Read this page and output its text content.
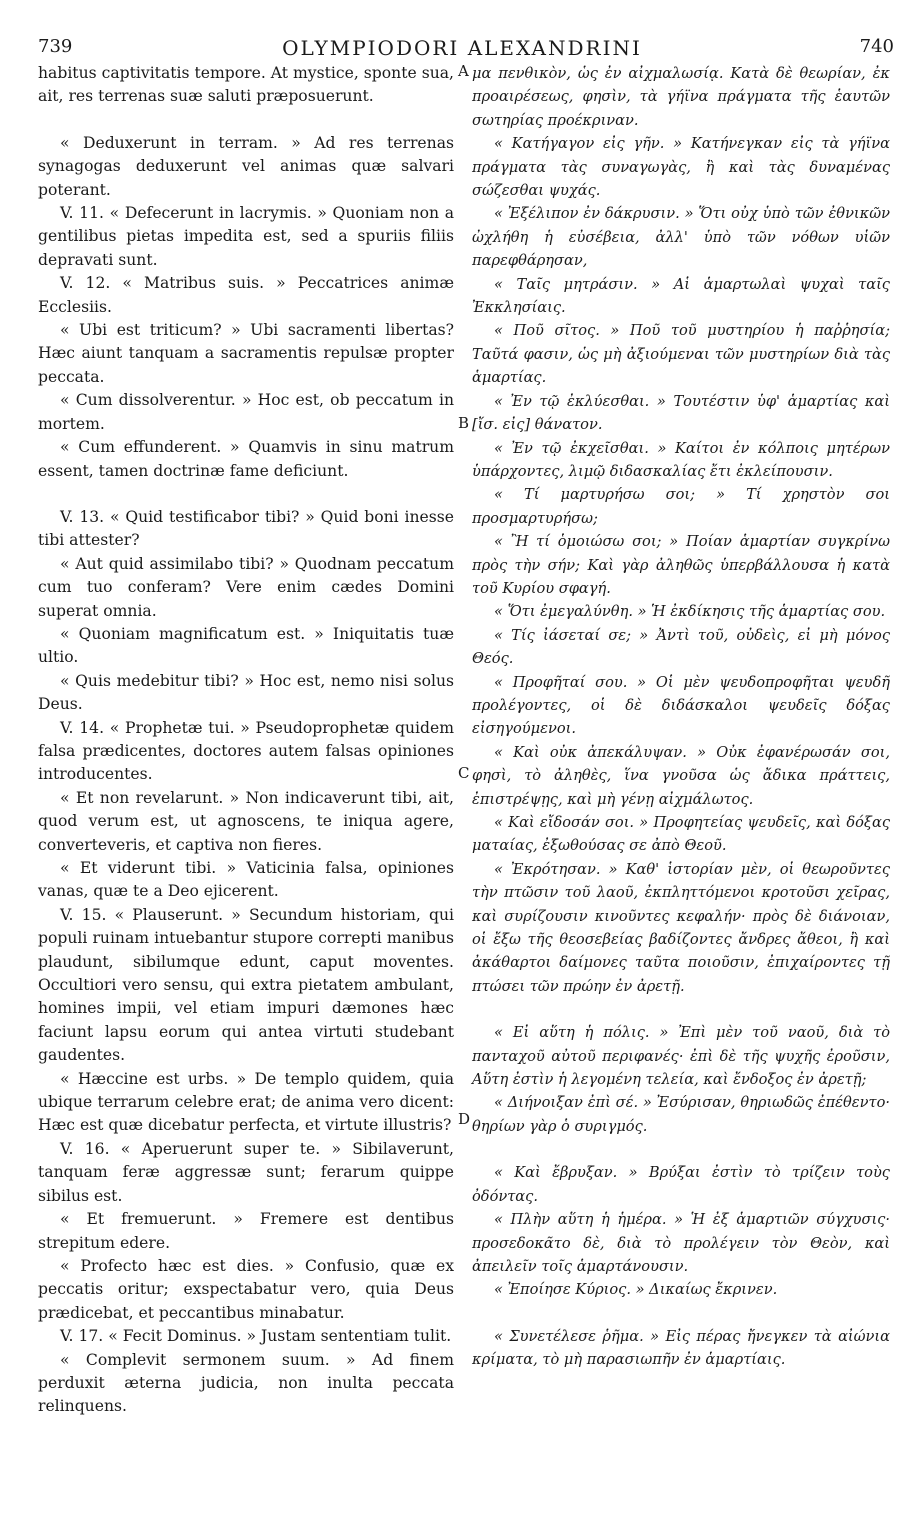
739	OLYMPIODORI ALEXANDRINI	740
A
B
C
D

habitus captivitatis tempore. At mystice, sponte sua, ait, res terrenas suæ saluti præposuerunt.

« Deduxerunt in terram. » Ad res terrenas synagogas deduxerunt vel animas quæ salvari poterant.

V. 11. « Defecerunt in lacrymis. » Quoniam non a gentilibus pietas impedita est, sed a spuriis filiis depravati sunt.

V. 12. « Matribus suis. » Peccatrices animæ Ecclesiis.

« Ubi est triticum? » Ubi sacramenti libertas? Hæc aiunt tanquam a sacramentis repulsæ propter peccata.

« Cum dissolverentur. » Hoc est, ob peccatum in mortem.

« Cum effunderent. » Quamvis in sinu matrum essent, tamen doctrinæ fame deficiunt.

V. 13. « Quid testificabor tibi? » Quid boni inesse tibi attester?

« Aut quid assimilabo tibi? » Quodnam peccatum cum tuo conferam? Vere enim cædes Domini superat omnia.

« Quoniam magnificatum est. » Iniquitatis tuæ ultio.

« Quis medebitur tibi? » Hoc est, nemo nisi solus Deus.

V. 14. « Prophetæ tui. » Pseudoprophetæ quidem falsa prædicentes, doctores autem falsas opiniones introducentes.

« Et non revelarunt. » Non indicaverunt tibi, ait, quod verum est, ut agnoscens, te iniqua agere, converteveris, et captiva non fieres.

« Et viderunt tibi. » Vaticinia falsa, opiniones vanas, quæ te a Deo ejicerent.

V. 15. « Plauserunt. » Secundum historiam, qui populi ruinam intuebantur stupore correpti manibus plaudunt, sibilumque edunt, caput moventes. Occultiori vero sensu, qui extra pietatem ambulant, homines impii, vel etiam impuri dæmones hæc faciunt lapsu eorum qui antea virtuti studebant gaudentes.

« Hæccine est urbs. » De templo quidem, quia ubique terrarum celebre erat; de anima vero dicent: Hæc est quæ dicebatur perfecta, et virtute illustris?

V. 16. « Aperuerunt super te. » Sibilaverunt, tanquam feræ aggressæ sunt; ferarum quippe sibilus est.

« Et fremuerunt. » Fremere est dentibus strepitum edere.

« Profecto hæc est dies. » Confusio, quæ ex peccatis oritur; exspectabatur vero, quia Deus prædicebat, et peccantibus minabatur.

V. 17. « Fecit Dominus. » Justam sententiam tulit.

« Complevit sermonem suum. » Ad finem perduxit æterna judicia, non inulta peccata relinquens.

μα πενθικὸν, ὡς ἐν αἰχμαλωσίᾳ. Κατὰ δὲ θεωρίαν, ἐκ προαιρέσεως, φησὶν, τὰ γήϊνα πράγματα τῆς ἑαυτῶν σωτηρίας προέκριναν.

« Κατήγαγον εἰς γῆν. » Κατήνεγκαν εἰς τὰ γήϊνα πράγματα τὰς συναγωγὰς, ἢ καὶ τὰς δυναμένας σώζεσθαι ψυχάς.

« Ἐξέλιπον ἐν δάκρυσιν. » Ὅτι οὐχ ὑπὸ τῶν ἐθνικῶν ὠχλήθη ἡ εὐσέβεια, ἀλλ' ὑπὸ τῶν νόθων υἱῶν παρεφθάρησαν,

« Ταῖς μητράσιν. » Αἱ ἁμαρτωλαὶ ψυχαὶ ταῖς Ἐκκλησίαις.

« Ποῦ σῖτος. » Ποῦ τοῦ μυστηρίου ἡ παῤῥησία; Ταῦτά φασιν, ὡς μὴ ἀξιούμεναι τῶν μυστηρίων διὰ τὰς ἁμαρτίας.

« Ἐν τῷ ἐκλύεσθαι. » Τουτέστιν ὑφ' ἁμαρτίας καὶ [ἴσ. εἰς] θάνατον.

« Ἐν τῷ ἐκχεῖσθαι. » Καίτοι ἐν κόλποις μητέρων ὑπάρχοντες, λιμῷ διδασκαλίας ἔτι ἐκλείπουσιν.

« Τί μαρτυρήσω σοι; » Τί χρηστὸν σοι προσμαρτυρήσω;

« Ἢ τί ὁμοιώσω σοι; » Ποίαν ἁμαρτίαν συγκρίνω πρὸς τὴν σήν; Καὶ γὰρ ἀληθῶς ὑπερβάλλουσα ἡ κατὰ τοῦ Κυρίου σφαγή.

« Ὅτι ἐμεγαλύνθη. » Ἡ ἐκδίκησις τῆς ἁμαρτίας σου.

« Τίς ἰάσεταί σε; » Ἀντὶ τοῦ, οὐδεὶς, εἰ μὴ μόνος Θεός.

« Προφῆταί σου. » Οἱ μὲν ψευδοπροφῆται ψευδῆ προλέγοντες, οἱ δὲ διδάσκαλοι ψευδεῖς δόξας εἰσηγούμενοι.

« Καὶ οὐκ ἀπεκάλυψαν. » Οὐκ ἐφανέρωσάν σοι, φησὶ, τὸ ἀληθὲς, ἵνα γνοῦσα ὡς ἄδικα πράττεις, ἐπιστρέψῃς, καὶ μὴ γένῃ αἰχμάλωτος.

« Καὶ εἴδοσάν σοι. » Προφητείας ψευδεῖς, καὶ δόξας ματαίας, ἐξωθούσας σε ἀπὸ Θεοῦ.

« Ἐκρότησαν. » Καθ' ἱστορίαν μὲν, οἱ θεωροῦντες τὴν πτῶσιν τοῦ λαοῦ, ἐκπληττόμενοι κροτοῦσι χεῖρας, καὶ συρίζουσιν κινοῦντες κεφαλήν· πρὸς δὲ διάνοιαν, οἱ ἔξω τῆς θεοσεβείας βαδίζοντες ἄνδρες ἄθεοι, ἢ καὶ ἀκάθαρτοι δαίμονες ταῦτα ποιοῦσιν, ἐπιχαίροντες τῇ πτώσει τῶν πρώην ἐν ἀρετῇ.

« Εἰ αὕτη ἡ πόλις. » Ἐπὶ μὲν τοῦ ναοῦ, διὰ τὸ πανταχοῦ αὐτοῦ περιφανές· ἐπὶ δὲ τῆς ψυχῆς ἐροῦσιν, Αὕτη ἐστὶν ἡ λεγομένη τελεία, καὶ ἔνδοξος ἐν ἀρετῇ;

« Διήνοιξαν ἐπὶ σέ. » Ἐσύρισαν, θηριωδῶς ἐπέθεντο· θηρίων γὰρ ὁ συριγμός.

« Καὶ ἔβρυξαν. » Βρύξαι ἐστὶν τὸ τρίζειν τοὺς ὀδόντας.

« Πλὴν αὕτη ἡ ἡμέρα. » Ἡ ἐξ ἁμαρτιῶν σύγχυσις· προσεδοκᾶτο δὲ, διὰ τὸ προλέγειν τὸν Θεὸν, καὶ ἀπειλεῖν τοῖς ἁμαρτάνουσιν.

« Ἐποίησε Κύριος. » Δικαίως ἔκρινεν.

« Συνετέλεσε ῥῆμα. » Εἰς πέρας ἤνεγκεν τὰ αἰώνια κρίματα, τὸ μὴ παρασιωπῆν ἐν ἁμαρτίαις.
